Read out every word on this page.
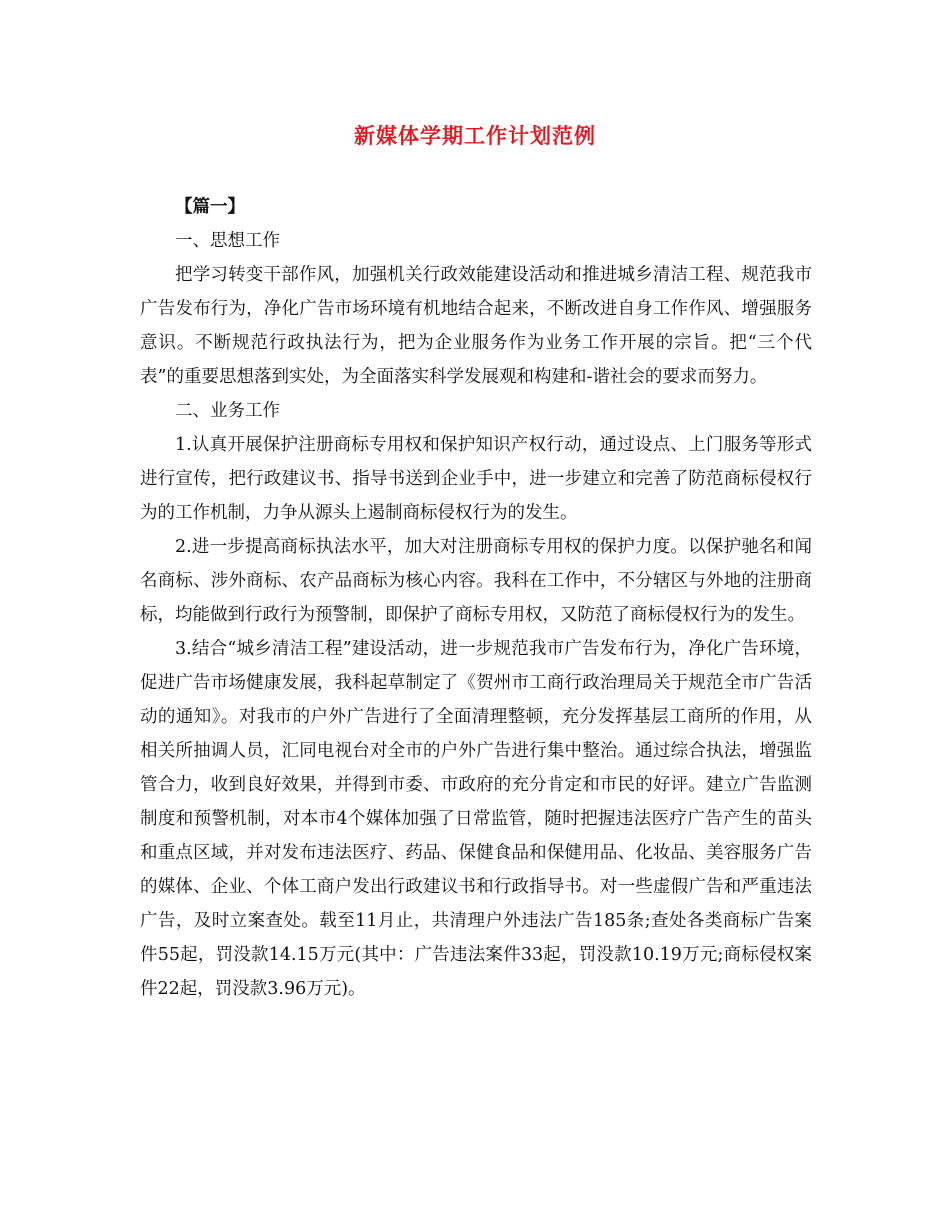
新媒体学期工作计划范例

【篇一】

一、思想工作

把学习转变干部作风，加强机关行政效能建设活动和推进城乡清洁工程、规范我市广告发布行为，净化广告市场环境有机地结合起来，不断改进自身工作作风、增强服务意识。不断规范行政执法行为，把为企业服务作为业务工作开展的宗旨。把“三个代表”的重要思想落到实处，为全面落实科学发展观和构建和-谐社会的要求而努力。

二、业务工作

1.认真开展保护注册商标专用权和保护知识产权行动，通过设点、上门服务等形式进行宣传，把行政建议书、指导书送到企业手中，进一步建立和完善了防范商标侵权行为的工作机制，力争从源头上遏制商标侵权行为的发生。

2.进一步提高商标执法水平，加大对注册商标专用权的保护力度。以保护驰名和闻名商标、涉外商标、农产品商标为核心内容。我科在工作中，不分辖区与外地的注册商标，均能做到行政行为预警制，即保护了商标专用权，又防范了商标侵权行为的发生。

3.结合“城乡清洁工程”建设活动，进一步规范我市广告发布行为，净化广告环境，促进广告市场健康发展，我科起草制定了《贺州市工商行政治理局关于规范全市广告活动的通知》。对我市的户外广告进行了全面清理整顿，充分发挥基层工商所的作用，从相关所抽调人员，汇同电视台对全市的户外广告进行集中整治。通过综合执法，增强监管合力，收到良好效果，并得到市委、市政府的充分肯定和市民的好评。建立广告监测制度和预警机制，对本市4个媒体加强了日常监管，随时把握违法医疗广告产生的苗头和重点区域，并对发布违法医疗、药品、保健食品和保健用品、化妆品、美容服务广告的媒体、企业、个体工商户发出行政建议书和行政指导书。对一些虚假广告和严重违法广告，及时立案查处。载至11月止，共清理户外违法广告185条;查处各类商标广告案件55起，罚没款14.15万元(其中：广告违法案件33起，罚没款10.19万元;商标侵权案件22起，罚没款3.96万元)。
